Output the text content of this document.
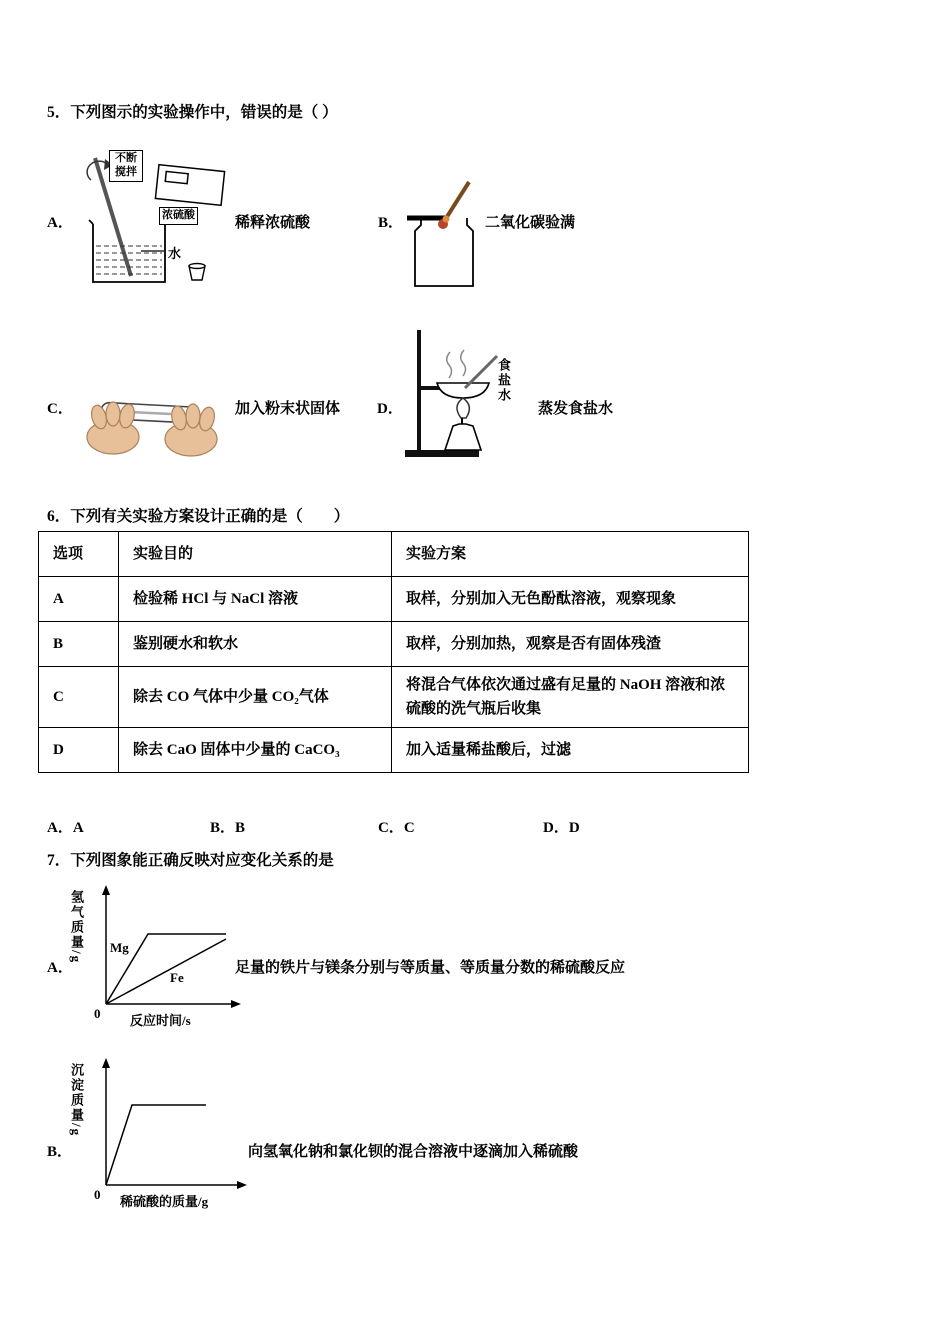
5．下列图示的实验操作中，错误的是（ ）
A．
不断搅拌
浓硫酸
水
稀释浓硫酸	B．	二氧化碳验满
C．	加入粉末状固体 D．
食盐水
蒸发食盐水
6．下列有关实验方案设计正确的是（　　）
选项	实验目的	实验方案
A	检验稀 HCl 与 NaCl 溶液	取样，分别加入无色酚酞溶液，观察现象
B	鉴别硬水和软水	取样，分别加热，观察是否有固体残渣
C	除去 CO 气体中少量 CO₂气体	将混合气体依次通过盛有足量的 NaOH 溶液和浓硫酸的洗气瓶后收集
D	除去 CaO 固体中少量的 CaCO₃	加入适量稀盐酸后，过滤
A．A	B．B	C．C	D．D
7．下列图象能正确反映对应变化关系的是
A．
氢气质量/g Mg
Fe
0 反应时间/s
足量的铁片与镁条分别与等质量、等质量分数的稀硫酸反应
B．
沉淀质量/g
0 稀硫酸的质量/g
向氢氧化钠和氯化钡的混合溶液中逐滴加入稀硫酸
